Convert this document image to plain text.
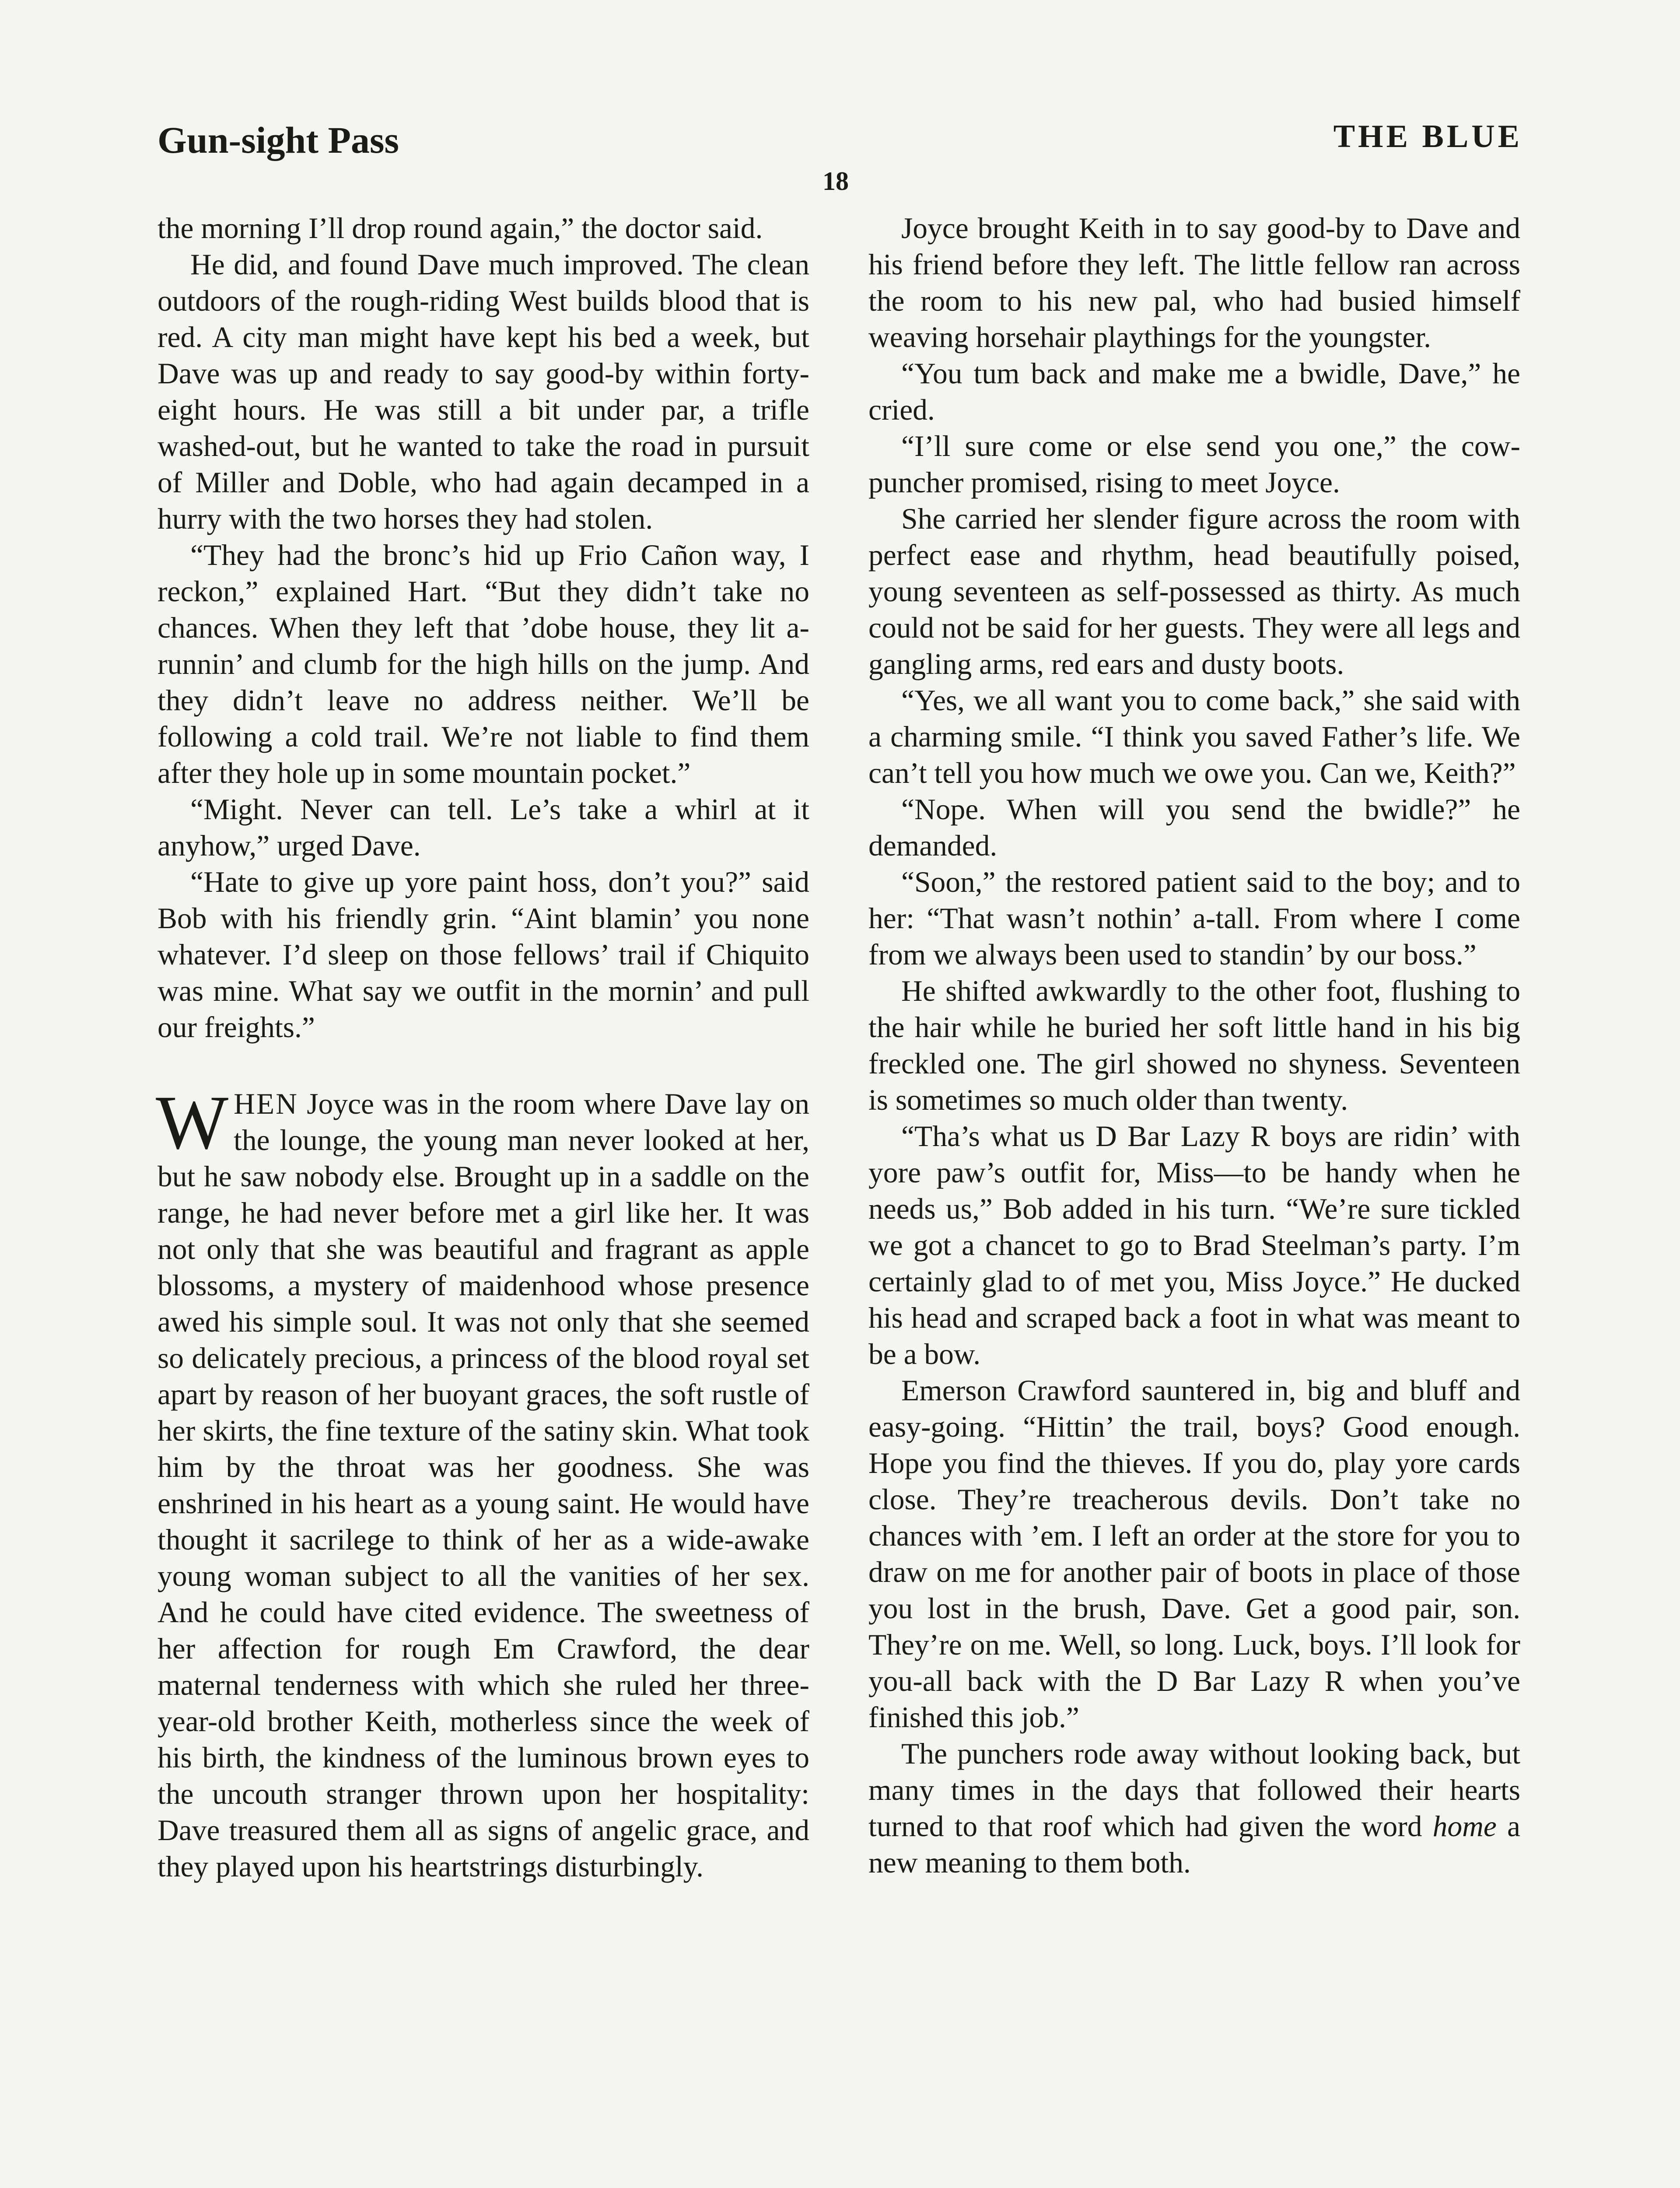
Gun-sight Pass	THE BLUE
18

the morning I’ll drop round again,” the doctor said.

He did, and found Dave much improved. The clean outdoors of the rough-riding West builds blood that is red. A city man might have kept his bed a week, but Dave was up and ready to say good-by within forty-eight hours. He was still a bit under par, a trifle washed-out, but he wanted to take the road in pursuit of Miller and Doble, who had again decamped in a hurry with the two horses they had stolen.

“They had the bronc’s hid up Frio Cañon way, I reckon,” explained Hart. “But they didn’t take no chances. When they left that ’dobe house, they lit a-runnin’ and clumb for the high hills on the jump. And they didn’t leave no address neither. We’ll be following a cold trail. We’re not liable to find them after they hole up in some mountain pocket.”

“Might. Never can tell. Le’s take a whirl at it anyhow,” urged Dave.

“Hate to give up yore paint hoss, don’t you?” said Bob with his friendly grin. “Aint blamin’ you none whatever. I’d sleep on those fellows’ trail if Chiquito was mine. What say we outfit in the mornin’ and pull our freights.”

WHEN Joyce was in the room where Dave lay on the lounge, the young man never looked at her, but he saw nobody else. Brought up in a saddle on the range, he had never before met a girl like her. It was not only that she was beautiful and fragrant as apple blossoms, a mystery of maidenhood whose presence awed his simple soul. It was not only that she seemed so delicately precious, a princess of the blood royal set apart by reason of her buoyant graces, the soft rustle of her skirts, the fine texture of the satiny skin. What took him by the throat was her goodness. She was enshrined in his heart as a young saint. He would have thought it sacrilege to think of her as a wide-awake young woman subject to all the vanities of her sex. And he could have cited evidence. The sweetness of her affection for rough Em Crawford, the dear maternal tenderness with which she ruled her three-year-old brother Keith, motherless since the week of his birth, the kindness of the luminous brown eyes to the uncouth stranger thrown upon her hospitality: Dave treasured them all as signs of angelic grace, and they played upon his heartstrings disturbingly.

Joyce brought Keith in to say good-by to Dave and his friend before they left. The little fellow ran across the room to his new pal, who had busied himself weaving horsehair playthings for the youngster.

“You tum back and make me a bwidle, Dave,” he cried.

“I’ll sure come or else send you one,” the cow-puncher promised, rising to meet Joyce.

She carried her slender figure across the room with perfect ease and rhythm, head beautifully poised, young seventeen as self-possessed as thirty. As much could not be said for her guests. They were all legs and gangling arms, red ears and dusty boots.

“Yes, we all want you to come back,” she said with a charming smile. “I think you saved Father’s life. We can’t tell you how much we owe you. Can we, Keith?”

“Nope. When will you send the bwidle?” he demanded.

“Soon,” the restored patient said to the boy; and to her: “That wasn’t nothin’ a-tall. From where I come from we always been used to standin’ by our boss.”

He shifted awkwardly to the other foot, flushing to the hair while he buried her soft little hand in his big freckled one. The girl showed no shyness. Seventeen is sometimes so much older than twenty.

“Tha’s what us D Bar Lazy R boys are ridin’ with yore paw’s outfit for, Miss—to be handy when he needs us,” Bob added in his turn. “We’re sure tickled we got a chancet to go to Brad Steelman’s party. I’m certainly glad to of met you, Miss Joyce.” He ducked his head and scraped back a foot in what was meant to be a bow.

Emerson Crawford sauntered in, big and bluff and easy-going. “Hittin’ the trail, boys? Good enough. Hope you find the thieves. If you do, play yore cards close. They’re treacherous devils. Don’t take no chances with ’em. I left an order at the store for you to draw on me for another pair of boots in place of those you lost in the brush, Dave. Get a good pair, son. They’re on me. Well, so long. Luck, boys. I’ll look for you-all back with the D Bar Lazy R when you’ve finished this job.”

The punchers rode away without looking back, but many times in the days that followed their hearts turned to that roof which had given the word home a new meaning to them both.
